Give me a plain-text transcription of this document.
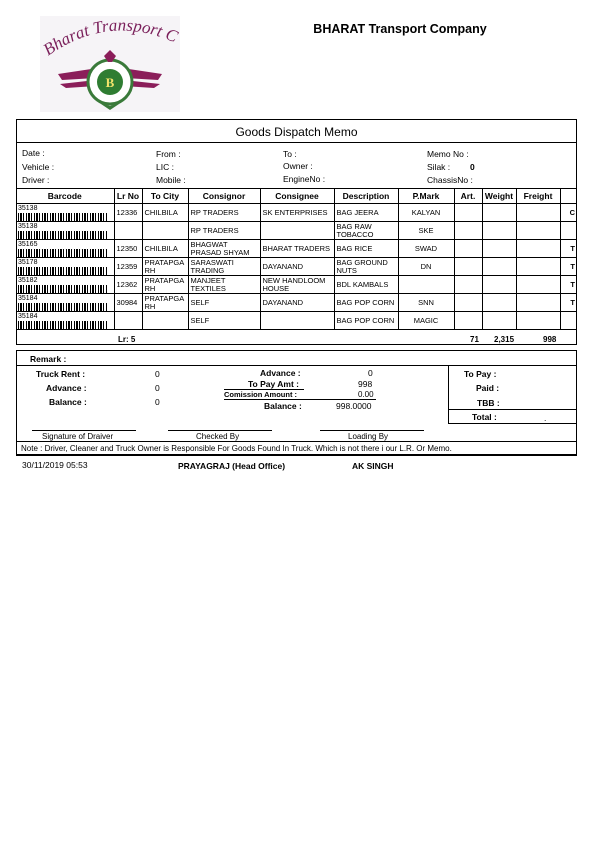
Bharat Transport C
B
BHARAT Transport Company
Goods Dispatch Memo
Date :
Vehicle :
Driver :
From :
LIC :
Mobile :
To :
Owner :
EngineNo :
Memo No :
Silak : 0
ChassisNo :
Barcode	Lr No	To City	Consignor	Consignee	Description	P.Mark	Art.	Weight	Freight	

35138	12336	CHILBILA	RP TRADERS	SK ENTERPRISES	BAG JEERA	KALYAN				C

35138			RP TRADERS		BAG RAW TOBACCO	SKE				

35165	12350	CHILBILA	BHAGWAT PRASAD SHYAM	BHARAT TRADERS	BAG RICE	SWAD				T

35178	12359	PRATAPGA RH	SARASWATI TRADING	DAYANAND	BAG GROUND NUTS	DN				T

35182	12362	PRATAPGA RH	MANJEET TEXTILES	NEW HANDLOOM HOUSE	BDL KAMBALS					T

35184	30984	PRATAPGA RH	SELF	DAYANAND	BAG POP CORN	SNN				T

35184			SELF		BAG POP CORN	MAGIC				
Lr: 5	71 2,315	998
Remark :
Truck Rent :	0
Advance :	0
Balance :	0
Advance :	0
To Pay Amt :	998
Comission Amount :	0.00
Balance :	998.0000
To Pay :
Paid :
TBB :
Total :	.
Signature of Draiver	Checked By	Loading By
Note : Driver, Cleaner and Truck Owner is Responsible For Goods Found In Truck. Which is not there i our L.R. Or Memo.
30/11/2019 05:53	PRAYAGRAJ (Head Office)	AK SINGH
